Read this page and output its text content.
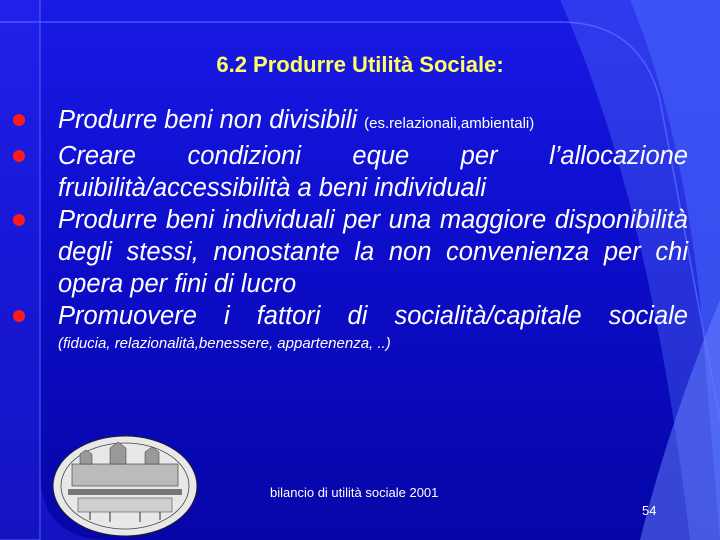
6.2 Produrre Utilità Sociale:
Produrre beni non divisibili (es.relazionali,ambientali)
Creare condizioni eque per l’allocazione fruibilità/accessibilità a beni individuali
Produrre beni individuali per una maggiore disponibilità degli stessi, nonostante la non convenienza per chi opera per fini di lucro
Promuovere i fattori di socialità/capitale sociale
(fiducia, relazionalità,benessere, appartenenza, ..)
bilancio di utilità sociale 2001
54
